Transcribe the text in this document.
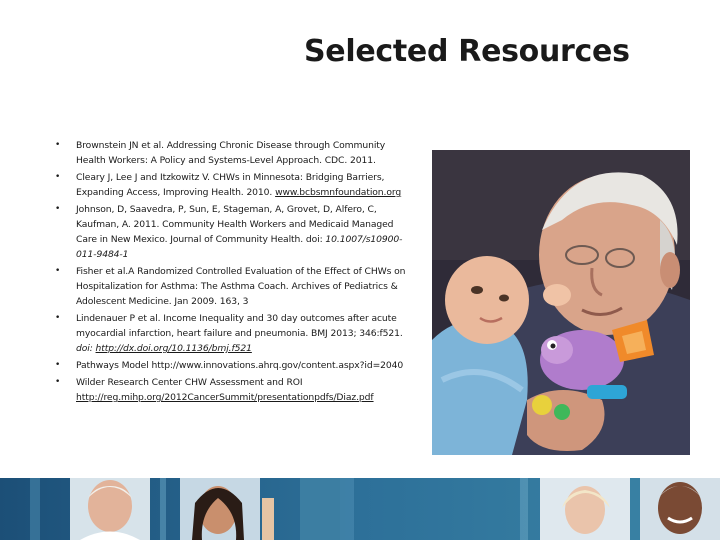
Selected Resources
• Brownstein JN et al. Addressing Chronic Disease through Community Health Workers: A Policy and Systems-Level Approach. CDC. 2011.
• Cleary J, Lee J and Itzkowitz V. CHWs in Minnesota: Bridging Barriers, Expanding Access, Improving Health. 2010. www.bcbsmnfoundation.org
• Johnson, D, Saavedra, P, Sun, E, Stageman, A, Grovet, D, Alfero, C, Kaufman, A. 2011. Community Health Workers and Medicaid Managed Care in New Mexico. Journal of Community Health. doi: 10.1007/s10900-011-9484-1
• Fisher et al.A Randomized Controlled Evaluation of the Effect of CHWs on Hospitalization for Asthma: The Asthma Coach. Archives of Pediatrics & Adolescent Medicine. Jan 2009. 163, 3
• Lindenauer P et al. Income Inequality and 30 day outcomes after acute myocardial infarction, heart failure and pneumonia. BMJ 2013; 346:f521. doi: http://dx.doi.org/10.1136/bmj.f521
• Pathways Model http://www.innovations.ahrq.gov/content.aspx?id=2040
• Wilder Research Center CHW Assessment and ROI http://reg.mihp.org/2012CancerSummit/presentationpdfs/Diaz.pdf
